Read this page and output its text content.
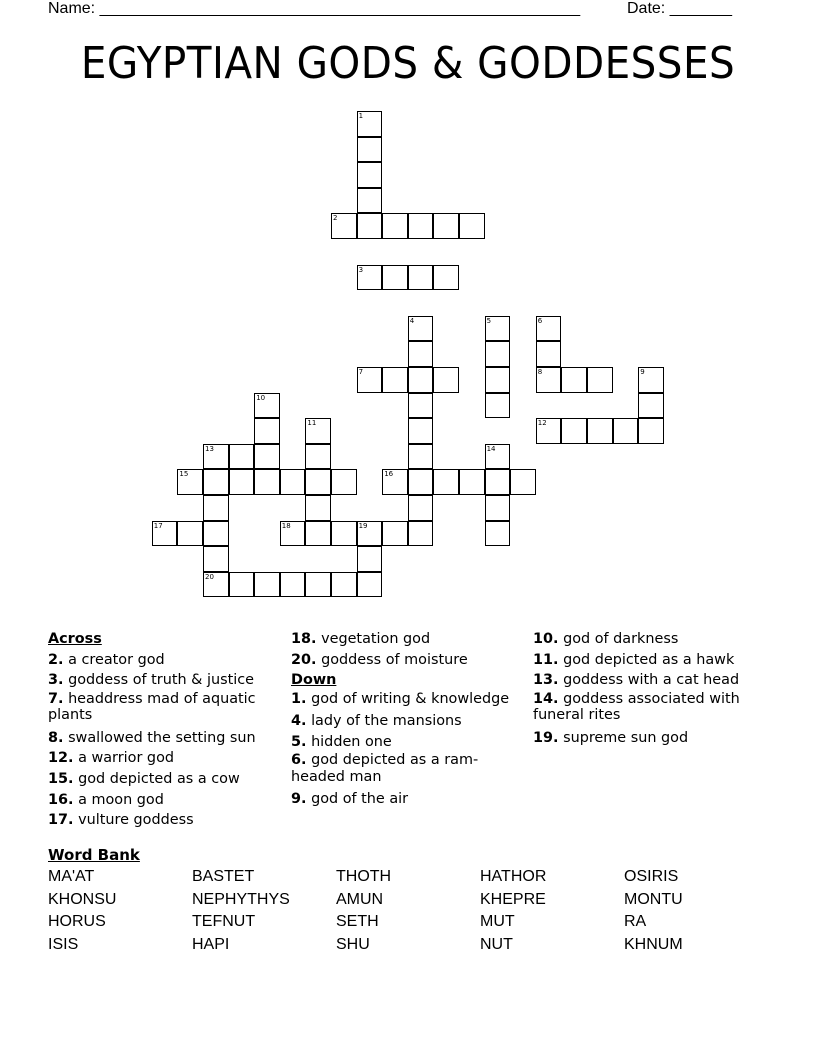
Name: ______________________________________________________	Date: _______
EGYPTIAN GODS & GODDESSES
1
2
3
4	5	6
8
7	9
10
11	12
13
20
14
15	16
17	18	19
Across
2. a creator god
3. goddess of truth & justice
7. headdress mad of aquatic plants
8. swallowed the setting sun
12. a warrior god
15. god depicted as a cow
16. a moon god
17. vulture goddess
18. vegetation god
20. goddess of moisture
Down
1. god of writing & knowledge
4. lady of the mansions
5. hidden one
6. god depicted as a ram-headed man
9. god of the air
10. god of darkness
11. god depicted as a hawk
13. goddess with a cat head
14. goddess associated with funeral rites
19. supreme sun god
Word Bank
MA'AT	BASTET	THOTH	HATHOR	OSIRIS
KHONSU	NEPHYTHYS	AMUN	KHEPRE	MONTU
HORUS	TEFNUT	SETH	MUT	RA
ISIS	HAPI	SHU	NUT	KHNUM
